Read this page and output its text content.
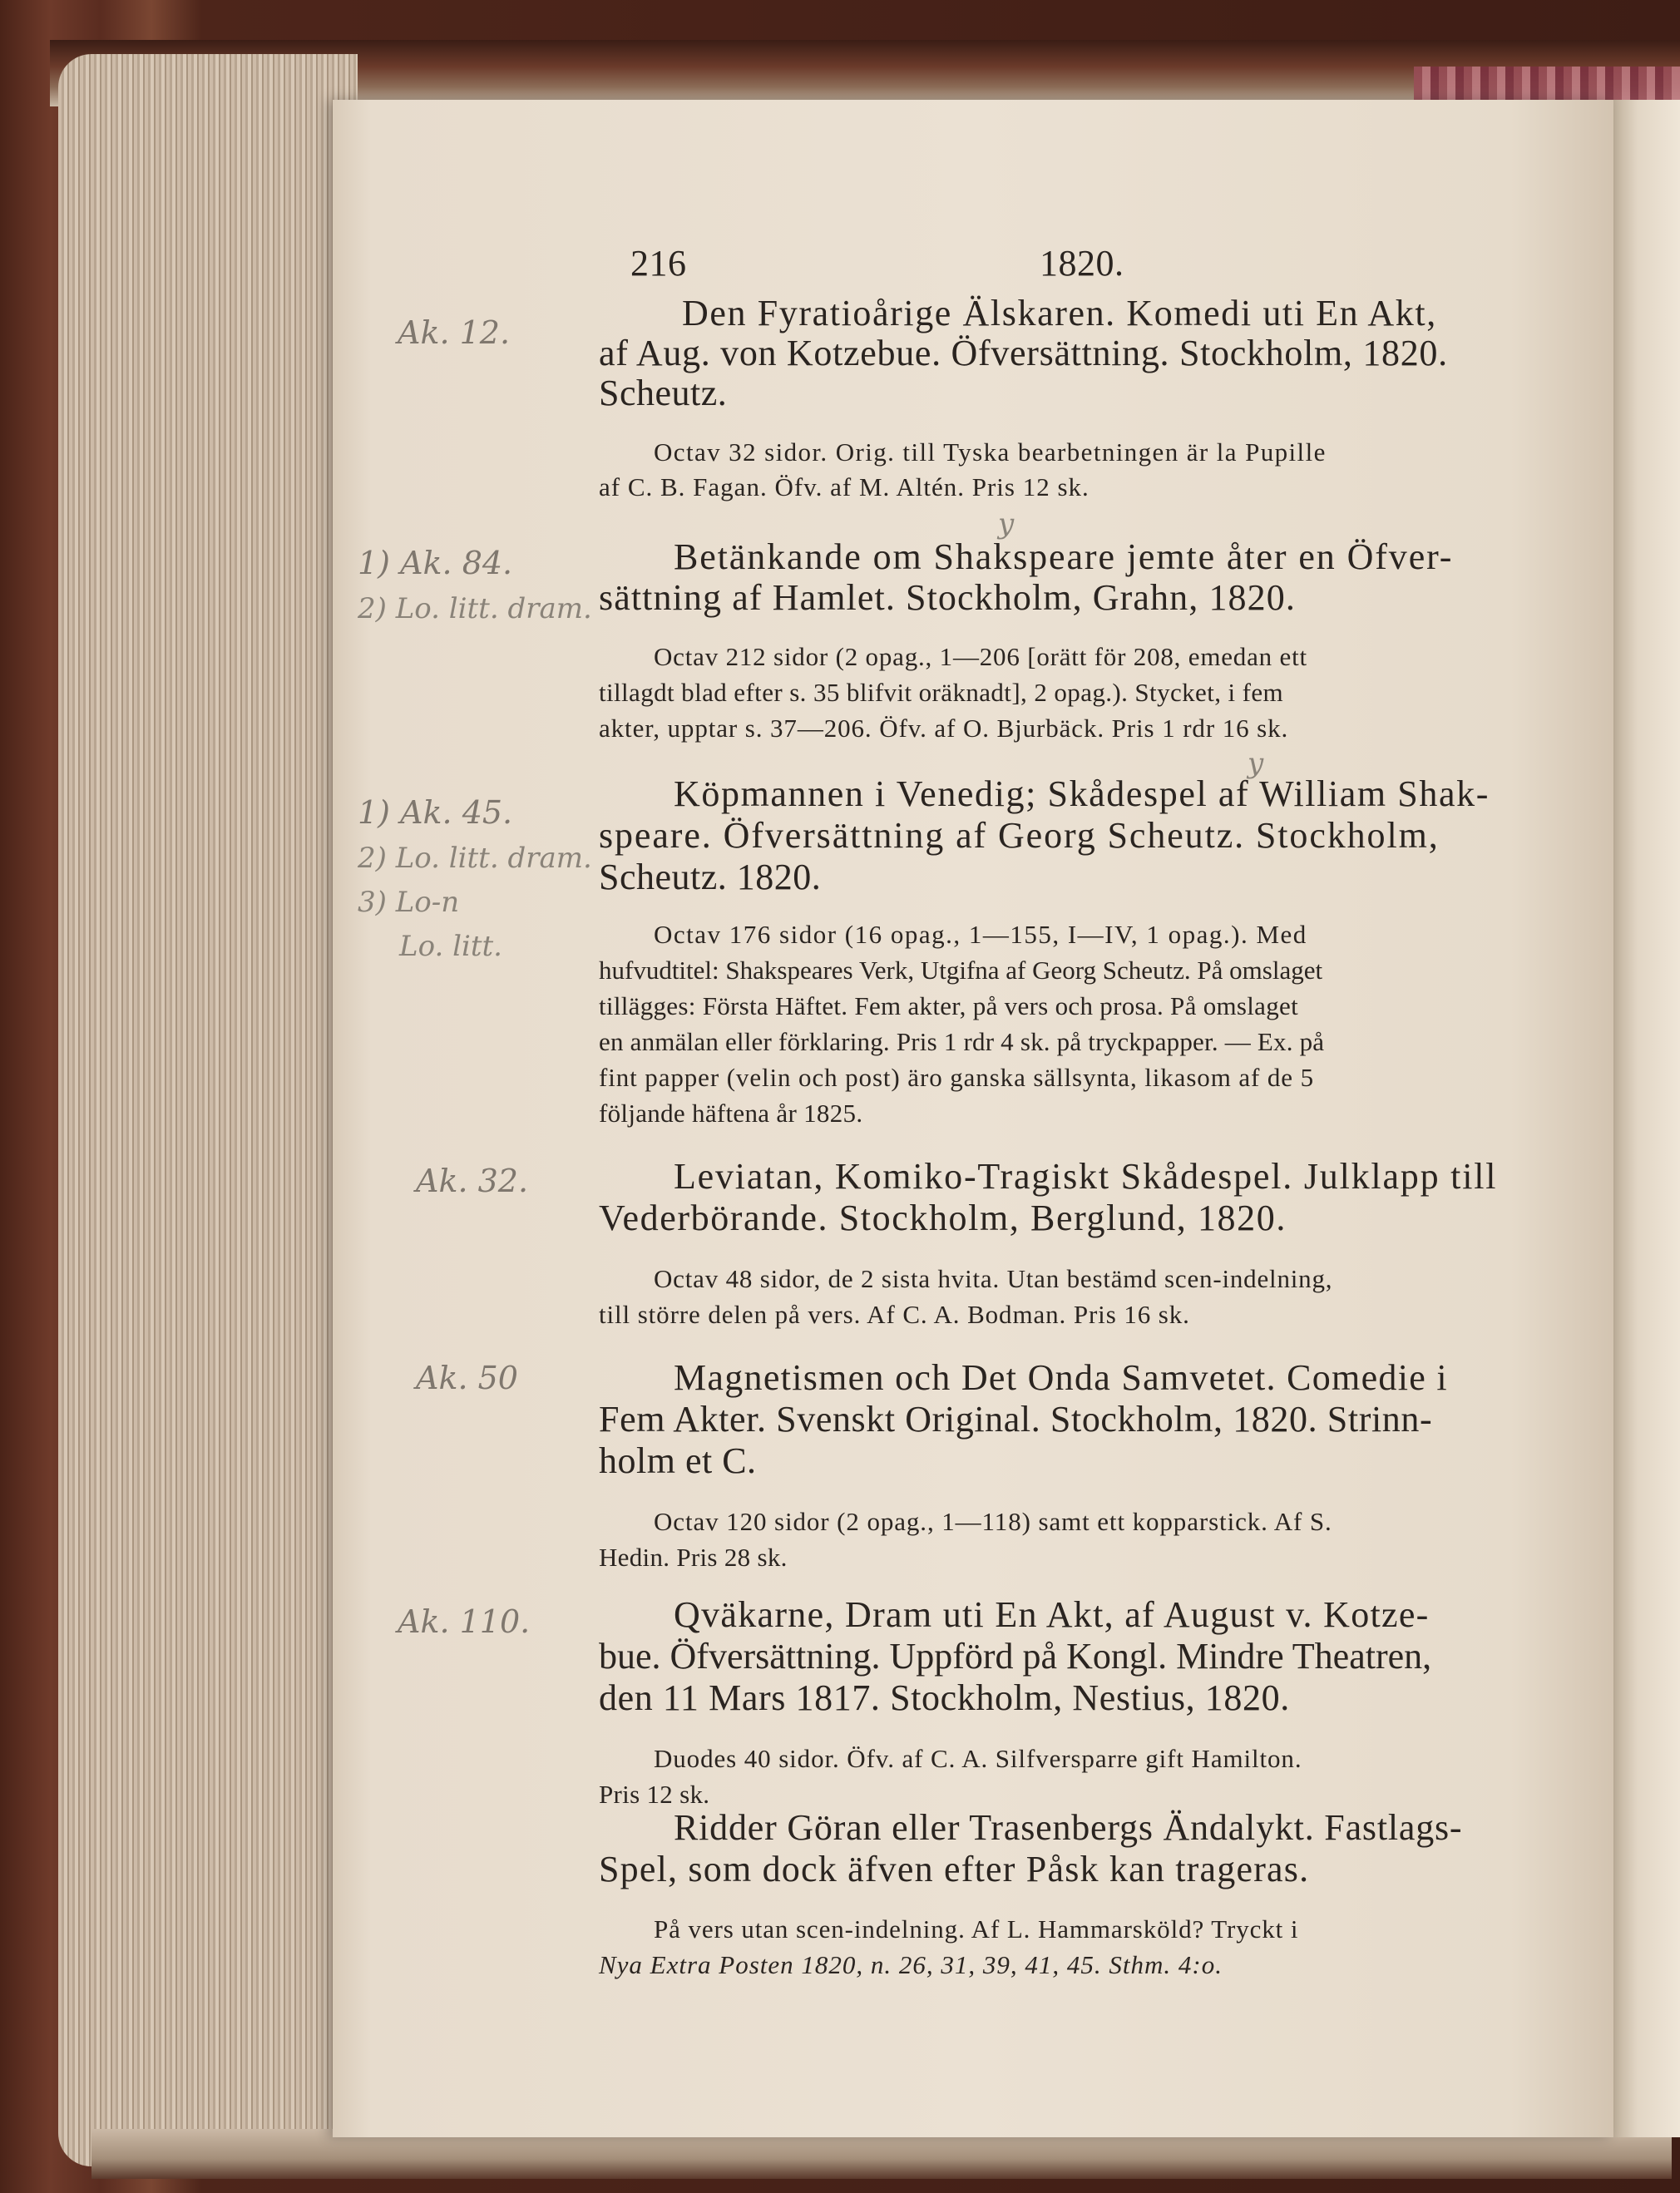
216	1820.
Den Fyratioårige Älskaren. Komedi uti En Akt,
af Aug. von Kotzebue. Öfversättning. Stockholm, 1820.
Scheutz.
Octav 32 sidor. Orig. till Tyska bearbetningen är la Pupille
af C. B. Fagan. Öfv. af M. Altén. Pris 12 sk.
y
Betänkande om Shakspeare jemte åter en Öfver-
sättning af Hamlet. Stockholm, Grahn, 1820.
Octav 212 sidor (2 opag., 1—206 [orätt för 208, emedan ett
tillagdt blad efter s. 35 blifvit oräknadt], 2 opag.). Stycket, i fem
akter, upptar s. 37—206. Öfv. af O. Bjurbäck. Pris 1 rdr 16 sk.
y
Köpmannen i Venedig; Skådespel af William Shak-
speare. Öfversättning af Georg Scheutz. Stockholm,
Scheutz. 1820.
Octav 176 sidor (16 opag., 1—155, I—IV, 1 opag.). Med
hufvudtitel: Shakspeares Verk, Utgifna af Georg Scheutz. På omslaget
tillägges: Första Häftet. Fem akter, på vers och prosa. På omslaget
en anmälan eller förklaring. Pris 1 rdr 4 sk. på tryckpapper. — Ex. på
fint papper (velin och post) äro ganska sällsynta, likasom af de 5
följande häftena år 1825.
Leviatan, Komiko-Tragiskt Skådespel. Julklapp till
Vederbörande. Stockholm, Berglund, 1820.
Octav 48 sidor, de 2 sista hvita. Utan bestämd scen-indelning,
till större delen på vers. Af C. A. Bodman. Pris 16 sk.
Magnetismen och Det Onda Samvetet. Comedie i
Fem Akter. Svenskt Original. Stockholm, 1820. Strinn-
holm et C.
Octav 120 sidor (2 opag., 1—118) samt ett kopparstick. Af S.
Hedin. Pris 28 sk.
Qväkarne, Dram uti En Akt, af August v. Kotze-
bue. Öfversättning. Uppförd på Kongl. Mindre Theatren,
den 11 Mars 1817. Stockholm, Nestius, 1820.
Duodes 40 sidor. Öfv. af C. A. Silfversparre gift Hamilton.
Pris 12 sk.
Ridder Göran eller Trasenbergs Ändalykt. Fastlags-
Spel, som dock äfven efter Påsk kan trageras.
På vers utan scen-indelning. Af L. Hammarsköld? Tryckt i
Nya Extra Posten 1820, n. 26, 31, 39, 41, 45. Sthm. 4:o.
Ak. 12.
1) Ak. 84.
2) Lo. litt. dram.
1) Ak. 45.
2) Lo. litt. dram.
3) Lo-n
Lo. litt.
Ak. 32.
Ak. 50
Ak. 110.
